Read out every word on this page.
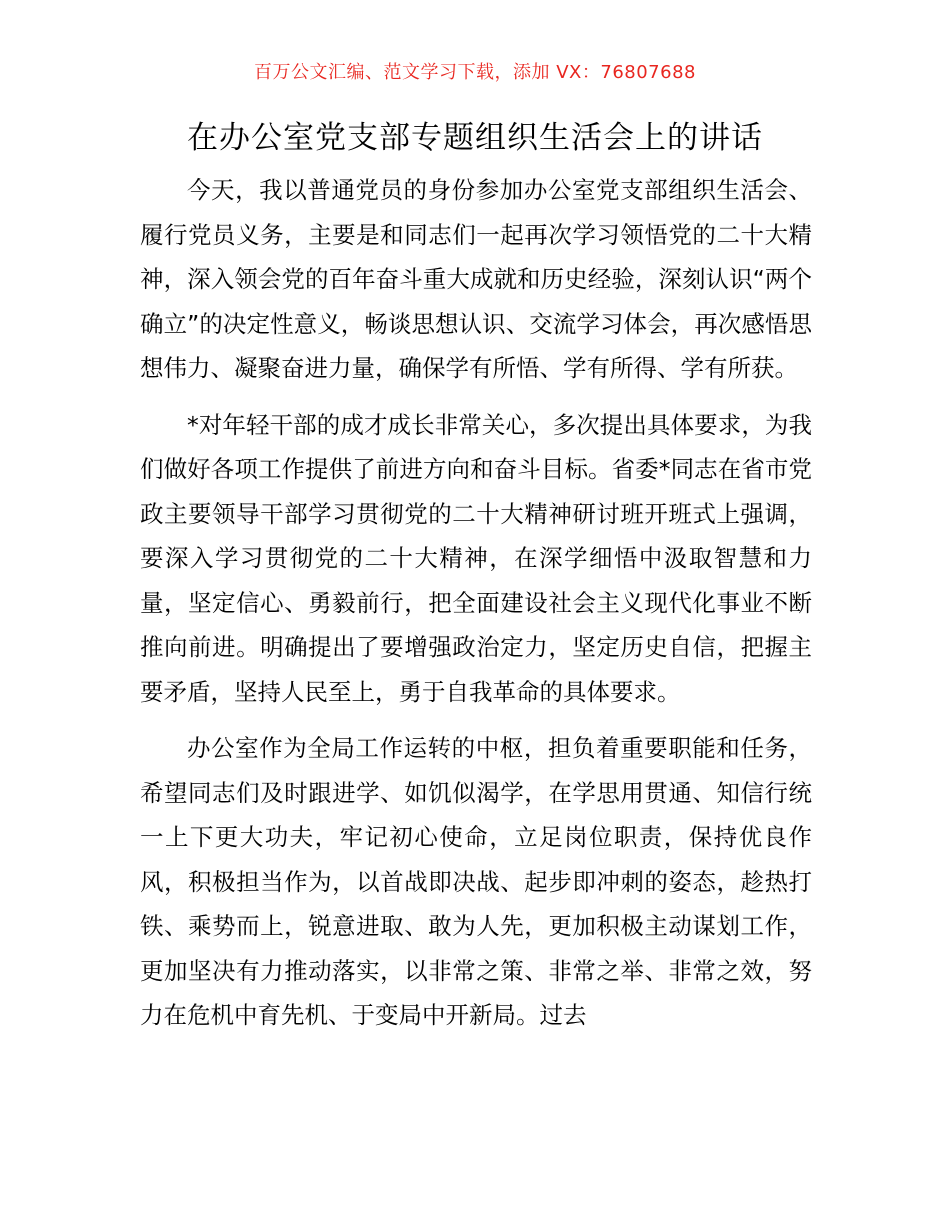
百万公文汇编、范文学习下载，添加 VX：76807688
在办公室党支部专题组织生活会上的讲话

今天，我以普通党员的身份参加办公室党支部组织生活会、履行党员义务，主要是和同志们一起再次学习领悟党的二十大精神，深入领会党的百年奋斗重大成就和历史经验，深刻认识“两个确立”的决定性意义，畅谈思想认识、交流学习体会，再次感悟思想伟力、凝聚奋进力量，确保学有所悟、学有所得、学有所获。

*对年轻干部的成才成长非常关心，多次提出具体要求，为我们做好各项工作提供了前进方向和奋斗目标。省委*同志在省市党政主要领导干部学习贯彻党的二十大精神研讨班开班式上强调，要深入学习贯彻党的二十大精神，在深学细悟中汲取智慧和力量，坚定信心、勇毅前行，把全面建设社会主义现代化事业不断推向前进。明确提出了要增强政治定力，坚定历史自信，把握主要矛盾，坚持人民至上，勇于自我革命的具体要求。

办公室作为全局工作运转的中枢，担负着重要职能和任务，希望同志们及时跟进学、如饥似渴学，在学思用贯通、知信行统一上下更大功夫，牢记初心使命，立足岗位职责，保持优良作风，积极担当作为，以首战即决战、起步即冲刺的姿态，趁热打铁、乘势而上，锐意进取、敢为人先，更加积极主动谋划工作，更加坚决有力推动落实，以非常之策、非常之举、非常之效，努力在危机中育先机、于变局中开新局。过去
